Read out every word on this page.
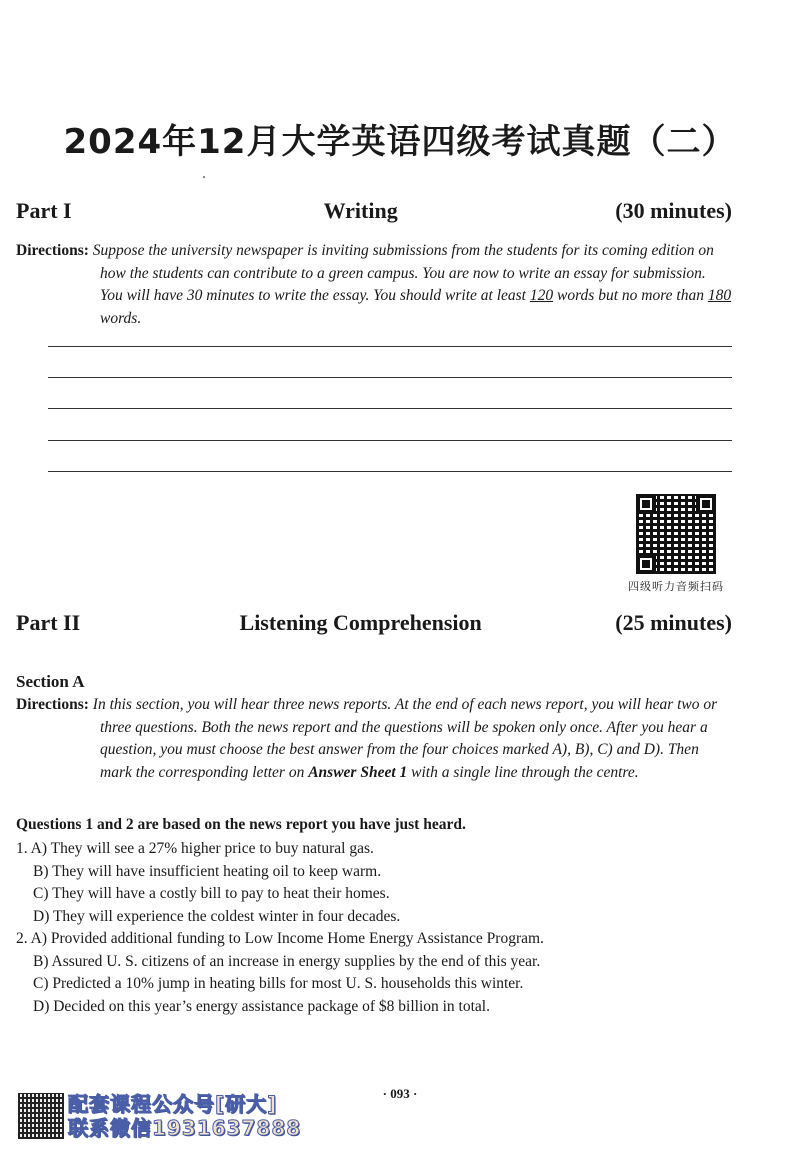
2024年12月大学英语四级考试真题（二）
Part I	Writing	(30 minutes)
Directions: Suppose the university newspaper is inviting submissions from the students for its coming edition on how the students can contribute to a green campus. You are now to write an essay for submission. You will have 30 minutes to write the essay. You should write at least 120 words but no more than 180 words.
四级听力音频扫码
Part II	Listening Comprehension	(25 minutes)
Section A
Directions: In this section, you will hear three news reports. At the end of each news report, you will hear two or three questions. Both the news report and the questions will be spoken only once. After you hear a question, you must choose the best answer from the four choices marked A), B), C) and D). Then mark the corresponding letter on Answer Sheet 1 with a single line through the centre.
Questions 1 and 2 are based on the news report you have just heard.
1. A) They will see a 27% higher price to buy natural gas.
B) They will have insufficient heating oil to keep warm.
C) They will have a costly bill to pay to heat their homes.
D) They will experience the coldest winter in four decades.
2. A) Provided additional funding to Low Income Home Energy Assistance Program.
B) Assured U. S. citizens of an increase in energy supplies by the end of this year.
C) Predicted a 10% jump in heating bills for most U. S. households this winter.
D) Decided on this year’s energy assistance package of $8 billion in total.
· 093 ·
配套课程公众号[研大]
联系微信1931637888
